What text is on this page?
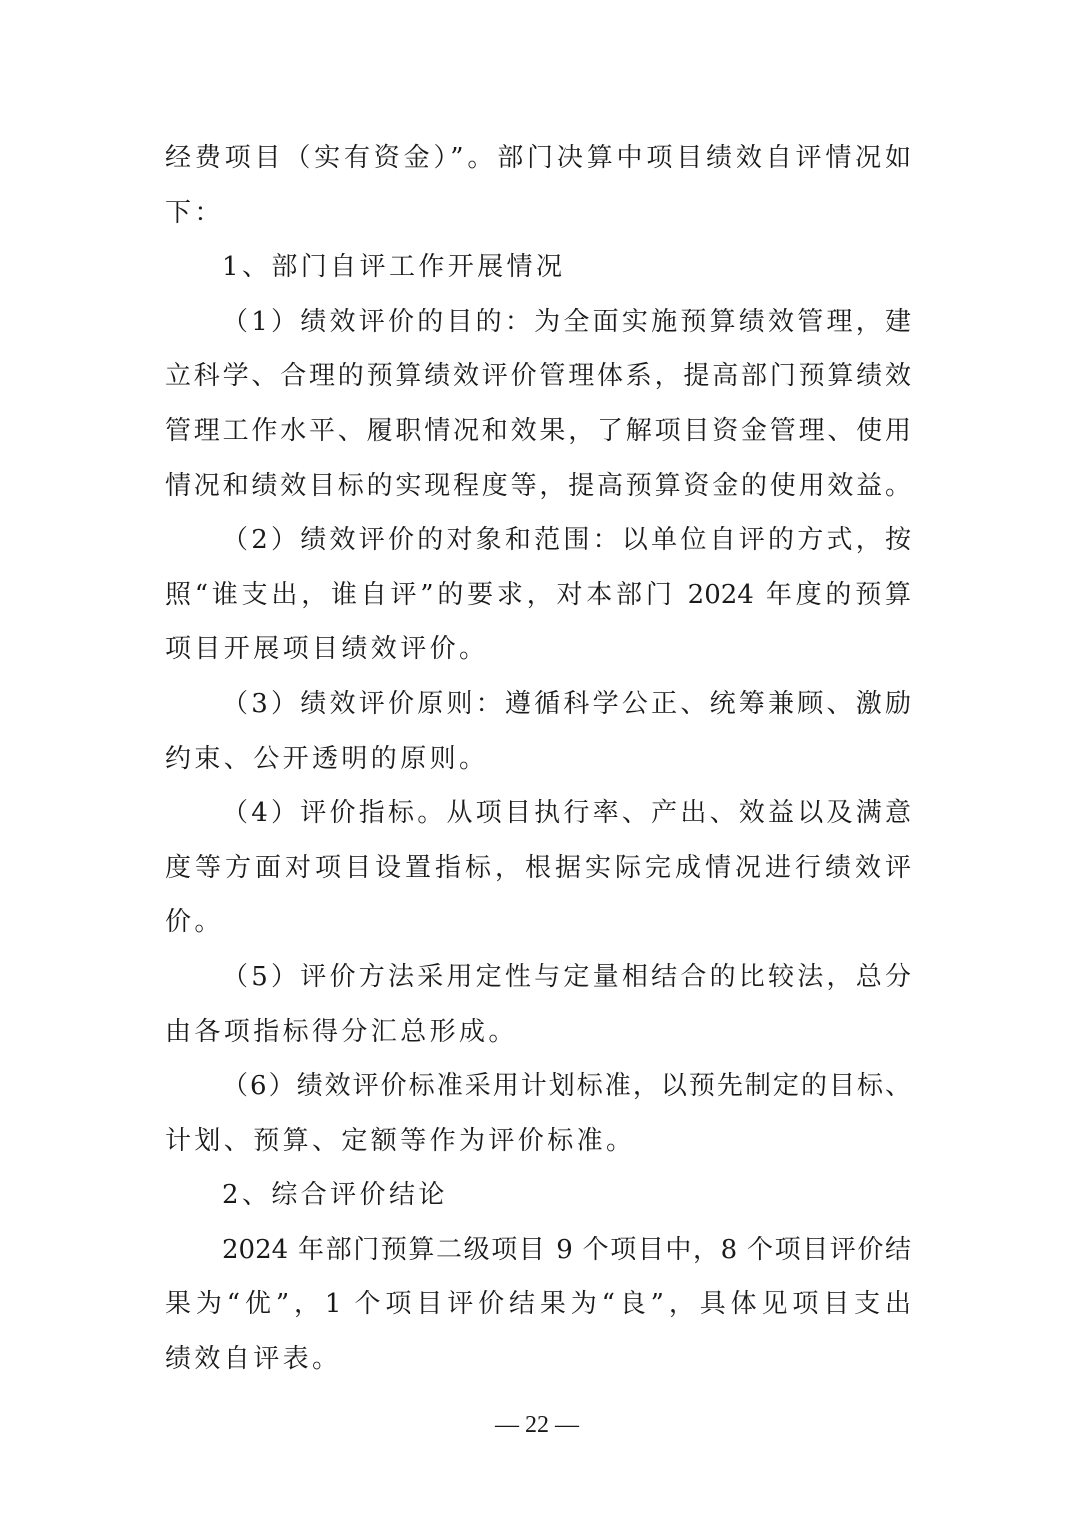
经费项目（实有资金）”。部门决算中项目绩效自评情况如
下：
1、部门自评工作开展情况
（1）绩效评价的目的：为全面实施预算绩效管理，建
立科学、合理的预算绩效评价管理体系，提高部门预算绩效
管理工作水平、履职情况和效果，了解项目资金管理、使用
情况和绩效目标的实现程度等，提高预算资金的使用效益。
（2）绩效评价的对象和范围：以单位自评的方式，按
照“谁支出，谁自评”的要求，对本部门 2024 年度的预算
项目开展项目绩效评价。
（3）绩效评价原则：遵循科学公正、统筹兼顾、激励
约束、公开透明的原则。
（4）评价指标。从项目执行率、产出、效益以及满意
度等方面对项目设置指标，根据实际完成情况进行绩效评
价。
（5）评价方法采用定性与定量相结合的比较法，总分
由各项指标得分汇总形成。
（6）绩效评价标准采用计划标准，以预先制定的目标、
计划、预算、定额等作为评价标准。
2、综合评价结论
2024 年部门预算二级项目 9 个项目中，8 个项目评价结
果为“优”，1 个项目评价结果为“良”，具体见项目支出
绩效自评表。
— 22 —
